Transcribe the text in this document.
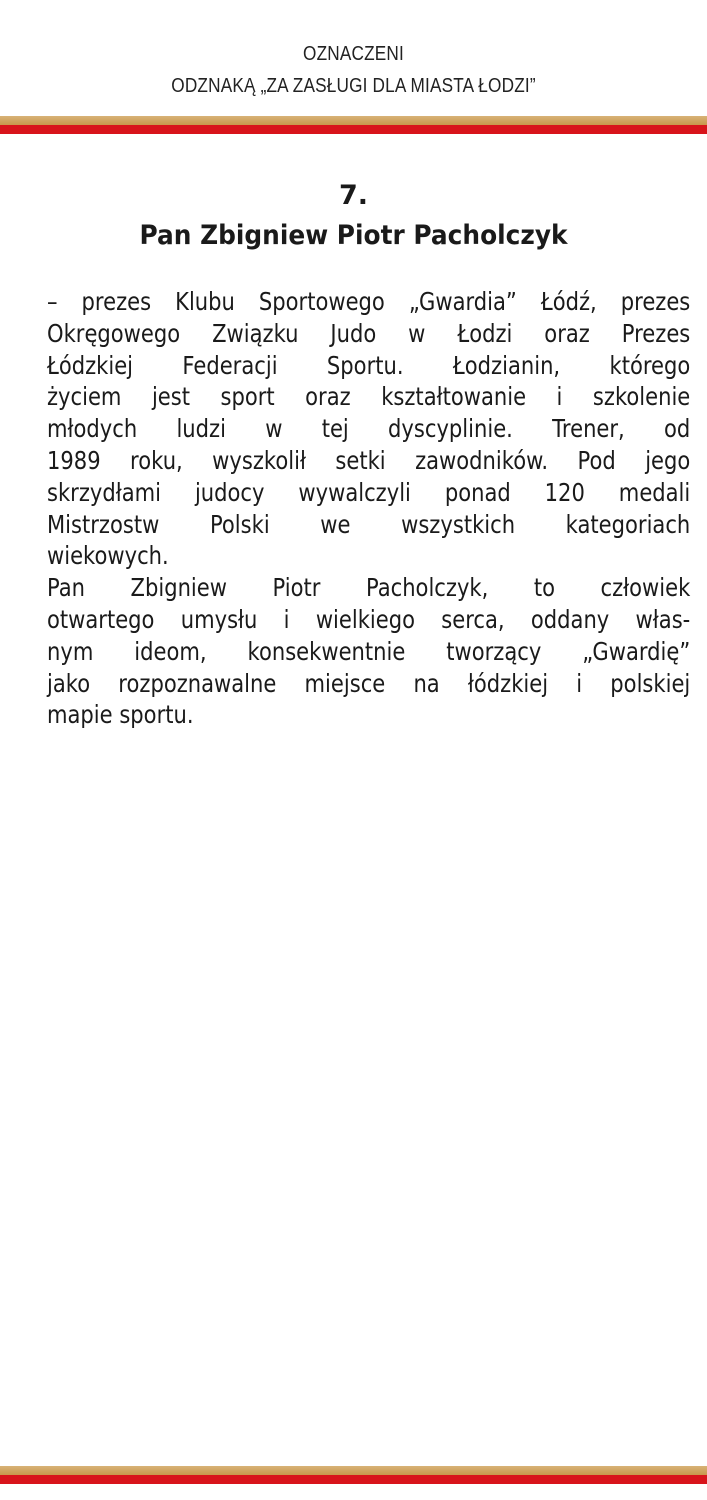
OZNACZENI
ODZNAKĄ „ZA ZASŁUGI DLA MIASTA ŁODZI”
7.
Pan Zbigniew Piotr Pacholczyk
– prezes Klubu Sportowego „Gwardia” Łódź, prezes
Okręgowego Związku Judo w Łodzi oraz Prezes
Łódzkiej Federacji Sportu. Łodzianin, którego
życiem jest sport oraz kształtowanie i szkolenie
młodych ludzi w tej dyscyplinie. Trener, od
1989 roku, wyszkolił setki zawodników. Pod jego
skrzydłami judocy wywalczyli ponad 120 medali
Mistrzostw Polski we wszystkich kategoriach
wiekowych.
Pan Zbigniew Piotr Pacholczyk, to człowiek
otwartego umysłu i wielkiego serca, oddany włas-
nym ideom, konsekwentnie tworzący „Gwardię”
jako rozpoznawalne miejsce na łódzkiej i polskiej
mapie sportu.
